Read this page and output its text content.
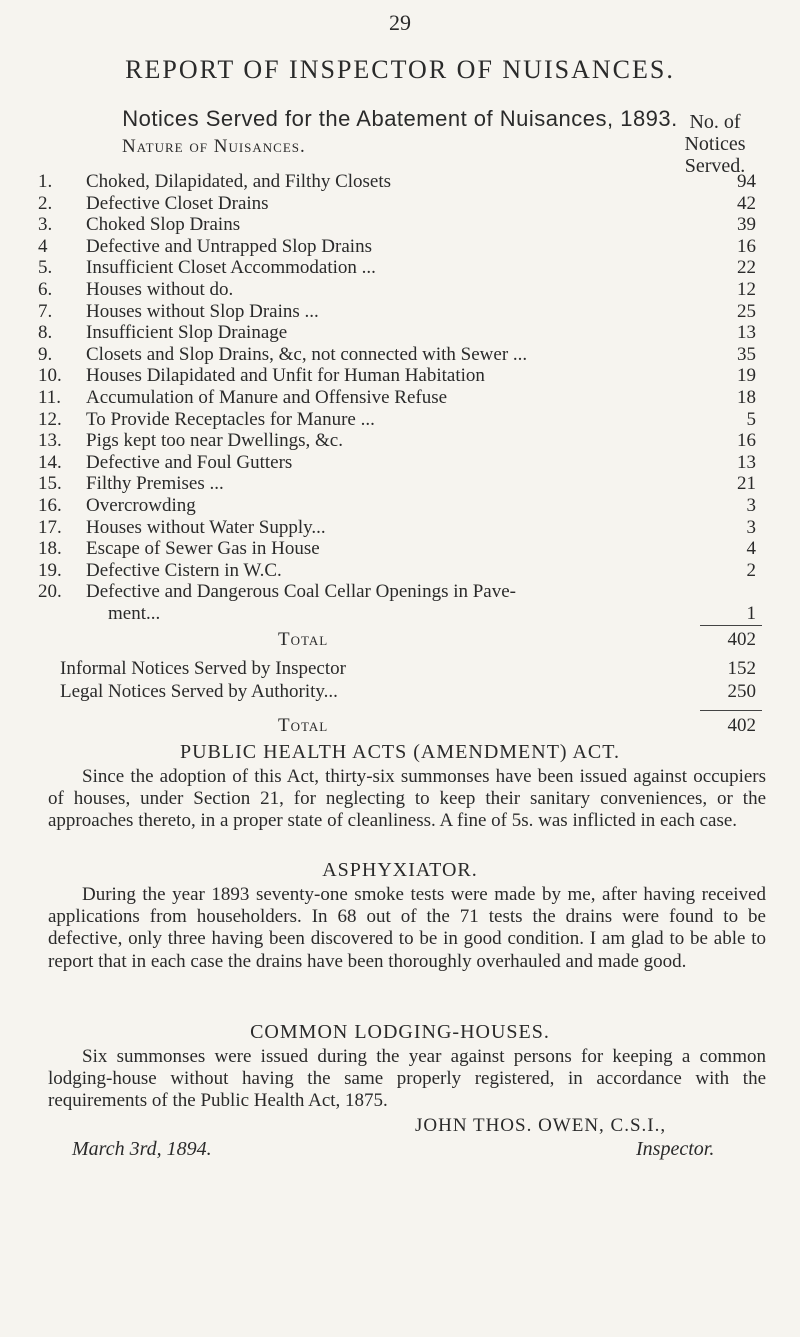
29
REPORT OF INSPECTOR OF NUISANCES.
Notices Served for the Abatement of Nuisances, 1893.
Nature of Nuisances.
No. of Notices Served.
1.	Choked, Dilapidated, and Filthy Closets	94
2.	Defective Closet Drains	42
3.	Choked Slop Drains	39
4	Defective and Untrapped Slop Drains	16
5.	Insufficient Closet Accommodation ...	22
6.	Houses without do.	12
7.	Houses without Slop Drains ...	25
8.	Insufficient Slop Drainage	13
9.	Closets and Slop Drains, &c, not connected with Sewer ...	35
10.	Houses Dilapidated and Unfit for Human Habitation	19
11.	Accumulation of Manure and Offensive Refuse	18
12.	To Provide Receptacles for Manure ...	5
13.	Pigs kept too near Dwellings, &c.	16
14.	Defective and Foul Gutters	13
15.	Filthy Premises ...	21
16.	Overcrowding	3
17.	Houses without Water Supply...	3
18.	Escape of Sewer Gas in House	4
19.	Defective Cistern in W.C.	2
20.	Defective and Dangerous Coal Cellar Openings in Pave-
ment...	1
Total	402
Informal Notices Served by Inspector	152
Legal Notices Served by Authority...	250
Total	402
PUBLIC HEALTH ACTS (AMENDMENT) ACT.
Since the adoption of this Act, thirty-six summonses have been issued against occupiers of houses, under Section 21, for neglecting to keep their sanitary conveniences, or the approaches thereto, in a proper state of cleanliness. A fine of 5s. was inflicted in each case.
ASPHYXIATOR.
During the year 1893 seventy-one smoke tests were made by me, after having received applications from householders. In 68 out of the 71 tests the drains were found to be defective, only three having been discovered to be in good condition. I am glad to be able to report that in each case the drains have been thoroughly overhauled and made good.
COMMON LODGING-HOUSES.
Six summonses were issued during the year against persons for keeping a common lodging-house without having the same properly registered, in accordance with the requirements of the Public Health Act, 1875.
JOHN THOS. OWEN, C.S.I.,
March 3rd, 1894.	Inspector.
